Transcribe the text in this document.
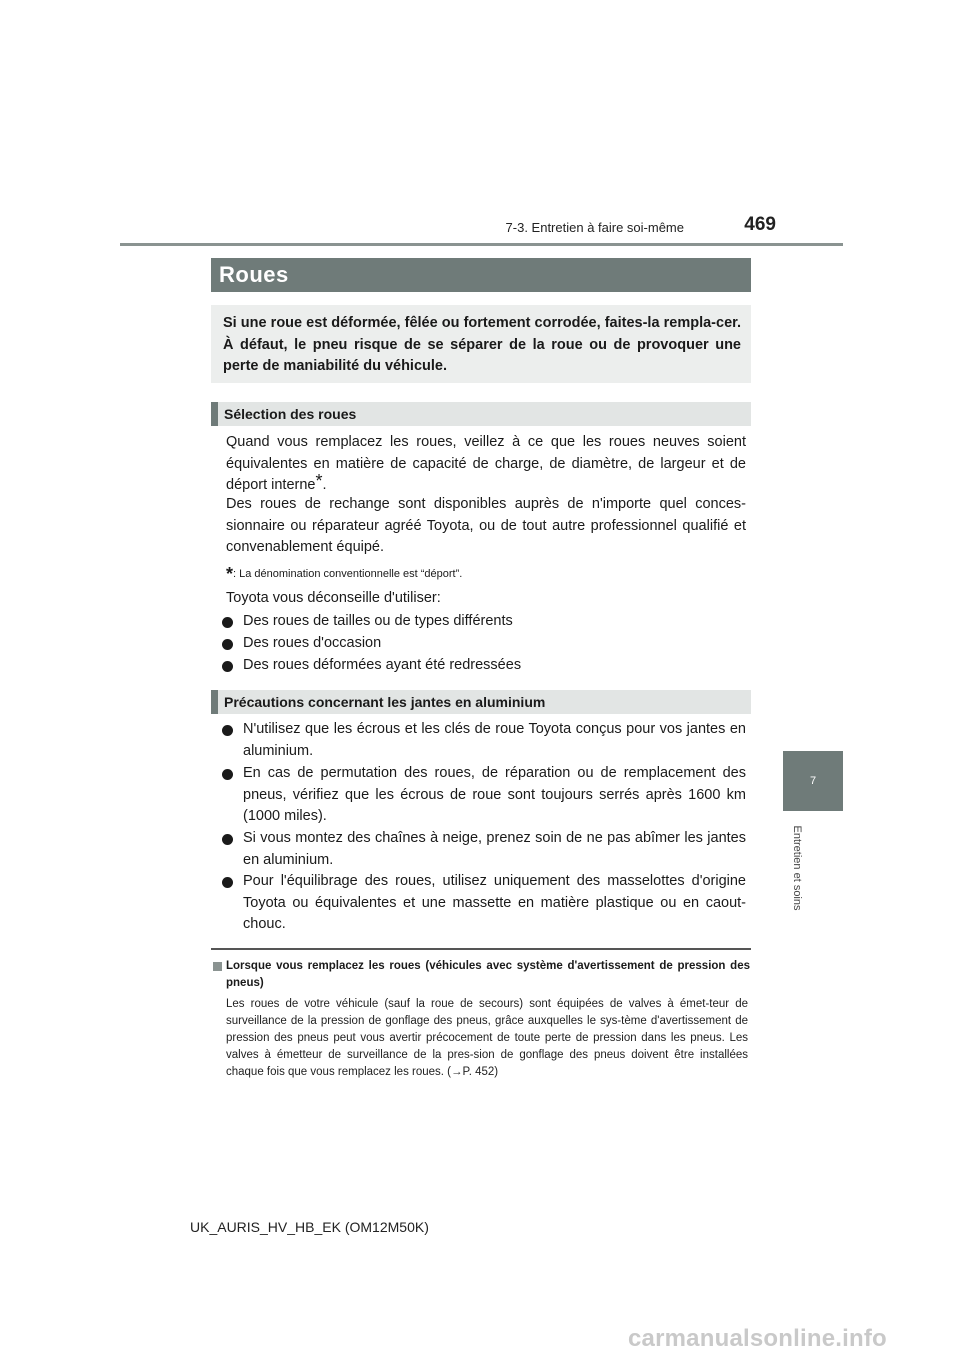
7-3. Entretien à faire soi-même	469
7
Entretien et soins
Roues
Si une roue est déformée, fêlée ou fortement corrodée, faites-la rempla-cer. À défaut, le pneu risque de se séparer de la roue ou de provoquer une perte de maniabilité du véhicule.
Sélection des roues
Quand vous remplacez les roues, veillez à ce que les roues neuves soient équivalentes en matière de capacité de charge, de diamètre, de largeur et de déport interne*.
Des roues de rechange sont disponibles auprès de n'importe quel conces-sionnaire ou réparateur agréé Toyota, ou de tout autre professionnel qualifié et convenablement équipé.
*: La dénomination conventionnelle est “déport”.
Toyota vous déconseille d'utiliser:
Des roues de tailles ou de types différents
Des roues d'occasion
Des roues déformées ayant été redressées
Précautions concernant les jantes en aluminium
N'utilisez que les écrous et les clés de roue Toyota conçus pour vos jantes en aluminium.
En cas de permutation des roues, de réparation ou de remplacement des pneus, vérifiez que les écrous de roue sont toujours serrés après 1600 km (1000 miles).
Si vous montez des chaînes à neige, prenez soin de ne pas abîmer les jantes en aluminium.
Pour l'équilibrage des roues, utilisez uniquement des masselottes d'origine Toyota ou équivalentes et une massette en matière plastique ou en caout-chouc.
Lorsque vous remplacez les roues (véhicules avec système d'avertissement de pression des pneus)
Les roues de votre véhicule (sauf la roue de secours) sont équipées de valves à émet-teur de surveillance de la pression de gonflage des pneus, grâce auxquelles le sys-tème d'avertissement de pression des pneus peut vous avertir précocement de toute perte de pression dans les pneus. Les valves à émetteur de surveillance de la pres-sion de gonflage des pneus doivent être installées chaque fois que vous remplacez les roues. (→P. 452)
UK_AURIS_HV_HB_EK (OM12M50K)
carmanualsonline.info
